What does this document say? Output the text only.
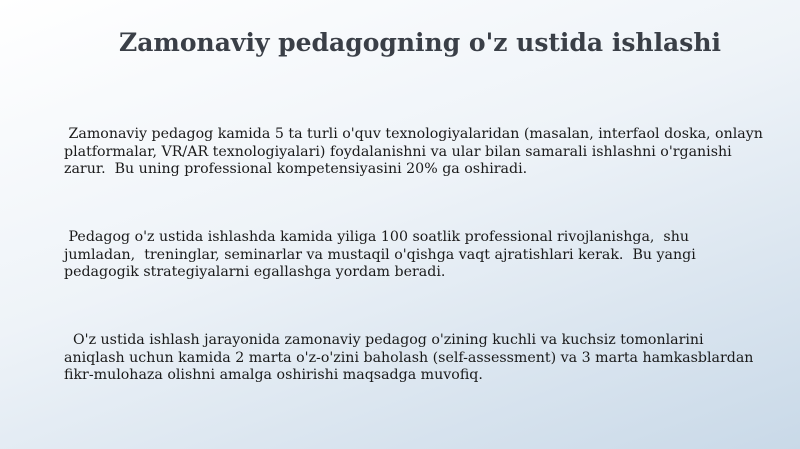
Zamonaviy pedagogning o'z ustida ishlashi

Zamonaviy pedagog kamida 5 ta turli o'quv texnologiyalaridan (masalan, interfaol doska, onlayn platformalar, VR/AR texnologiyalari) foydalanishni va ular bilan samarali ishlashni o'rganishi zarur.  Bu uning professional kompetensiyasini 20% ga oshiradi.

Pedagog o'z ustida ishlashda kamida yiliga 100 soatlik professional rivojlanishga,  shu jumladan,  treninglar, seminarlar va mustaqil o'qishga vaqt ajratishlari kerak.  Bu yangi pedagogik strategiyalarni egallashga yordam beradi.

O'z ustida ishlash jarayonida zamonaviy pedagog o'zining kuchli va kuchsiz tomonlarini aniqlash uchun kamida 2 marta o'z-o'zini baholash (self-assessment) va 3 marta hamkasblardan fikr-mulohaza olishni amalga oshirishi maqsadga muvofiq.
